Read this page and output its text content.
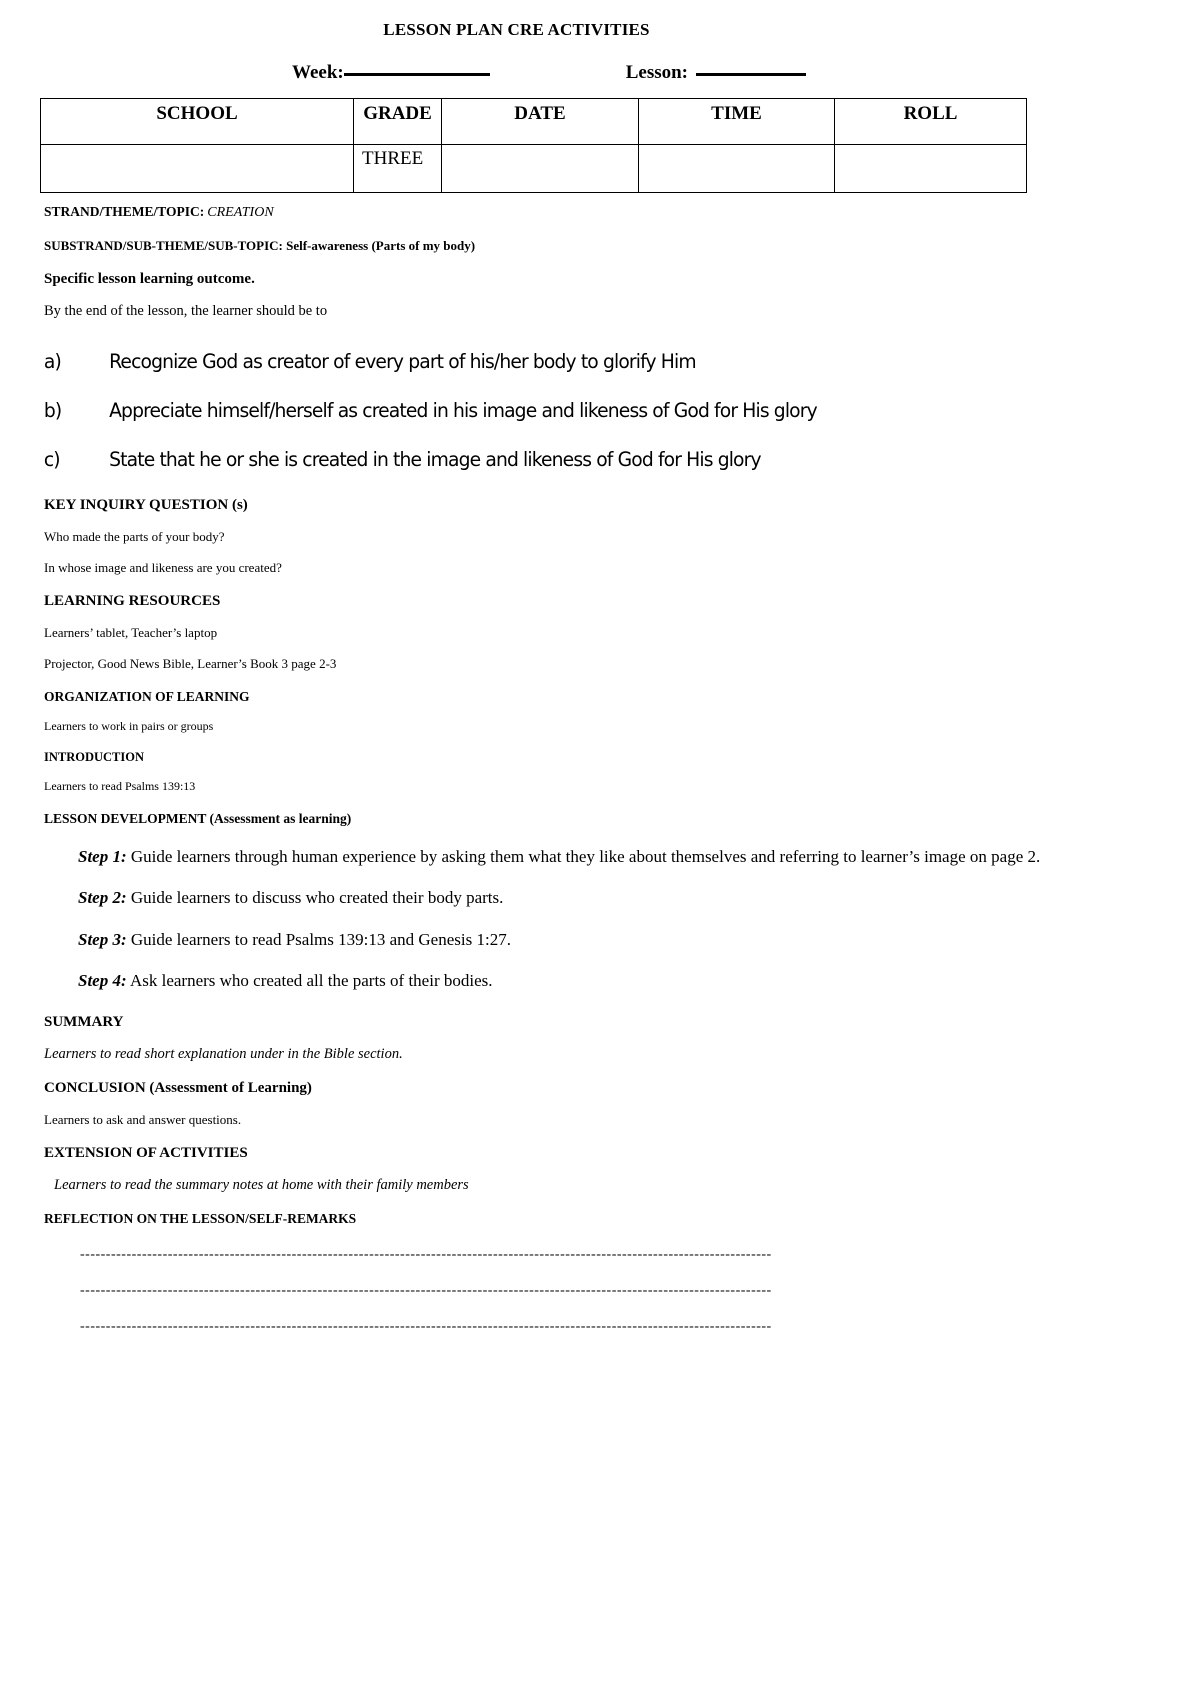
LESSON PLAN CRE ACTIVITIES
Week:	Lesson:
SCHOOL	GRADE	DATE	TIME	ROLL
	THREE			
STRAND/THEME/TOPIC: CREATION
SUBSTRAND/SUB-THEME/SUB-TOPIC: Self-awareness (Parts of my body)
Specific lesson learning outcome.
By the end of the lesson, the learner should be to
a)	Recognize God as creator of every part of his/her body to glorify Him
b)	Appreciate himself/herself as created in his image and likeness of God for His glory
c)	State that he or she is created in the image and likeness of God for His glory
KEY INQUIRY QUESTION (s)
Who made the parts of your body?
In whose image and likeness are you created?
LEARNING RESOURCES
Learners’ tablet, Teacher’s laptop
Projector, Good News Bible, Learner’s Book 3 page 2-3
ORGANIZATION OF LEARNING
Learners to work in pairs or groups
INTRODUCTION
Learners to read Psalms 139:13
LESSON DEVELOPMENT (Assessment as learning)
Step 1: Guide learners through human experience by asking them what they like about themselves and referring to learner’s image on page 2.
Step 2: Guide learners to discuss who created their body parts.
Step 3: Guide learners to read Psalms 139:13 and Genesis 1:27.
Step 4: Ask learners who created all the parts of their bodies.
SUMMARY
Learners to read short explanation under in the Bible section.
CONCLUSION (Assessment of Learning)
Learners to ask and answer questions.
EXTENSION OF ACTIVITIES
Learners to read the summary notes at home with their family members
REFLECTION ON THE LESSON/SELF-REMARKS
--------------------------------------------------------------------------------------------------------------------------------------
--------------------------------------------------------------------------------------------------------------------------------------
--------------------------------------------------------------------------------------------------------------------------------------
